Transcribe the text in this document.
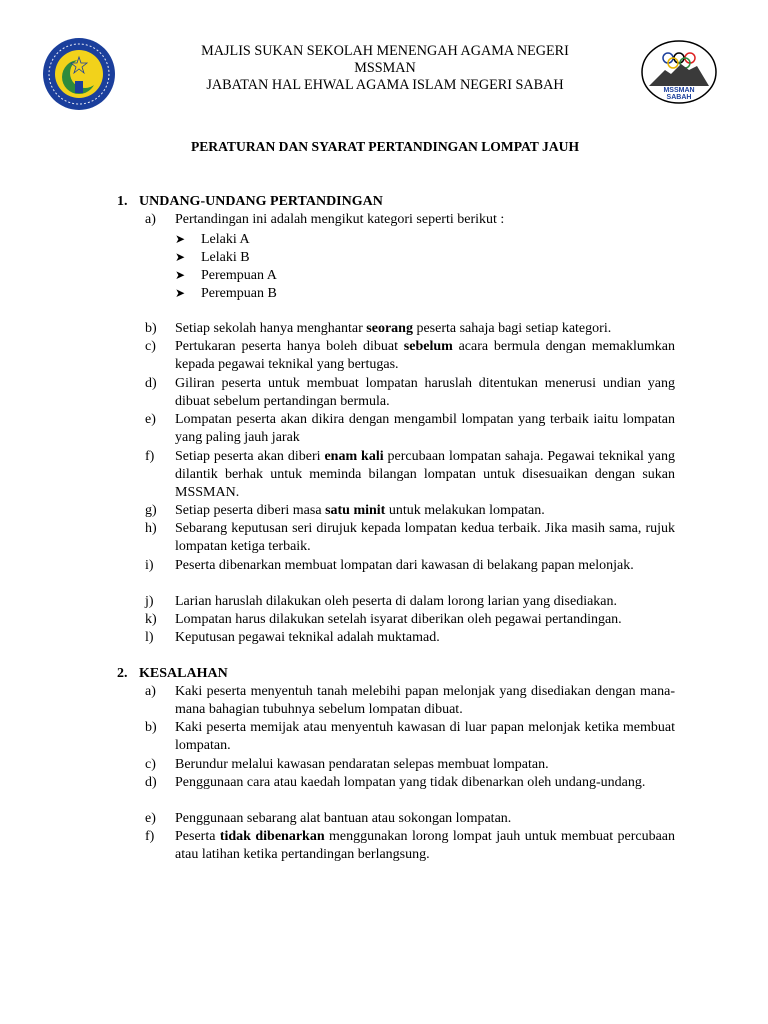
MAJLIS SUKAN SEKOLAH MENENGAH AGAMA NEGERI
MSSMAN
JABATAN HAL EHWAL AGAMA ISLAM NEGERI SABAH	MSSMAN
SABAH
PERATURAN DAN SYARAT PERTANDINGAN LOMPAT JAUH
1. UNDANG-UNDANG PERTANDINGAN
a) Pertandingan ini adalah mengikut kategori seperti berikut :
➤ Lelaki A
➤ Lelaki B
➤ Perempuan A
➤ Perempuan B
b) Setiap sekolah hanya menghantar seorang peserta sahaja bagi setiap kategori.
c) Pertukaran peserta hanya boleh dibuat sebelum acara bermula dengan memaklumkan kepada pegawai teknikal yang bertugas.
d) Giliran peserta untuk membuat lompatan haruslah ditentukan menerusi undian yang dibuat sebelum pertandingan bermula.
e) Lompatan peserta akan dikira dengan mengambil lompatan yang terbaik iaitu lompatan yang paling jauh jarak
f) Setiap peserta akan diberi enam kali percubaan lompatan sahaja. Pegawai teknikal yang dilantik berhak untuk meminda bilangan lompatan untuk disesuaikan dengan sukan MSSMAN.
g) Setiap peserta diberi masa satu minit untuk melakukan lompatan.
h) Sebarang keputusan seri dirujuk kepada lompatan kedua terbaik. Jika masih sama, rujuk lompatan ketiga terbaik.
i) Peserta dibenarkan membuat lompatan dari kawasan di belakang papan melonjak.
j) Larian haruslah dilakukan oleh peserta di dalam lorong larian yang disediakan.
k) Lompatan harus dilakukan setelah isyarat diberikan oleh pegawai pertandingan.
l) Keputusan pegawai teknikal adalah muktamad.
2. KESALAHAN
a) Kaki peserta menyentuh tanah melebihi papan melonjak yang disediakan dengan mana-mana bahagian tubuhnya sebelum lompatan dibuat.
b) Kaki peserta memijak atau menyentuh kawasan di luar papan melonjak ketika membuat lompatan.
c) Berundur melalui kawasan pendaratan selepas membuat lompatan.
d) Penggunaan cara atau kaedah lompatan yang tidak dibenarkan oleh undang-undang.
e) Penggunaan sebarang alat bantuan atau sokongan lompatan.
f) Peserta tidak dibenarkan menggunakan lorong lompat jauh untuk membuat percubaan atau latihan ketika pertandingan berlangsung.
